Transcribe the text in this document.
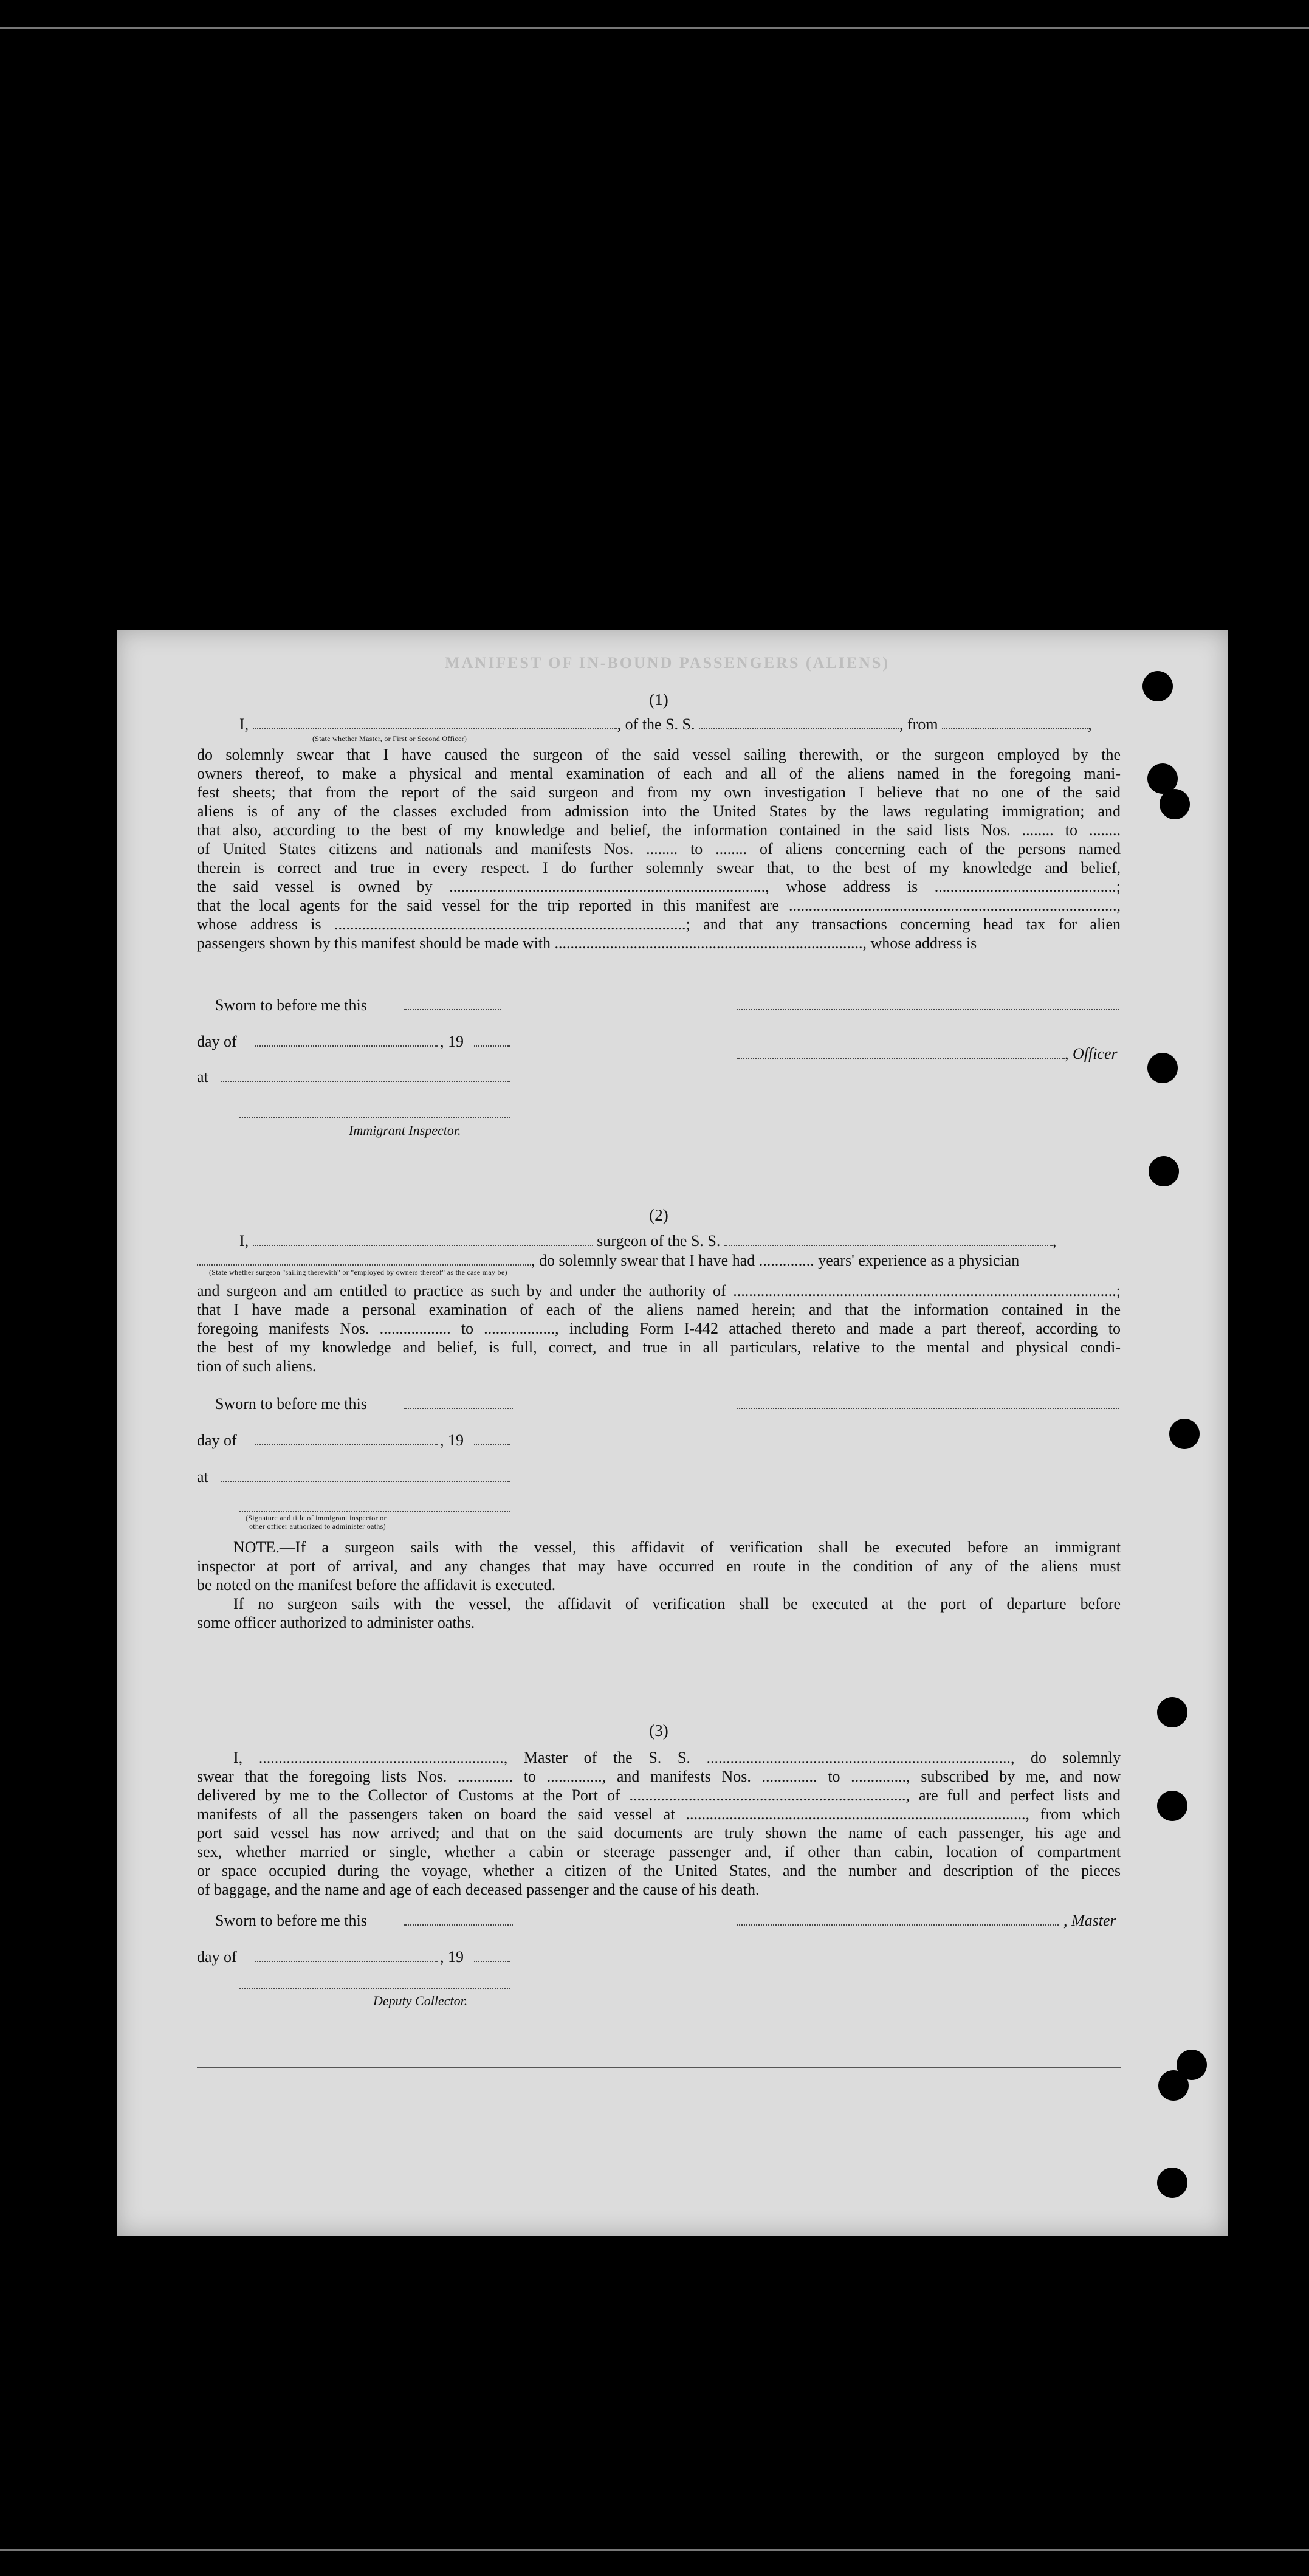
MANIFEST OF IN-BOUND PASSENGERS (ALIENS)
(1)
I,	, of the S. S.	, from	,
(State whether Master, or First or Second Officer)
do solemnly swear that I have caused the surgeon of the said vessel sailing therewith, or the surgeon employed by the
owners thereof, to make a physical and mental examination of each and all of the aliens named in the foregoing mani-
fest sheets; that from the report of the said surgeon and from my own investigation I believe that no one of the said
aliens is of any of the classes excluded from admission into the United States by the laws regulating immigration; and
that also, according to the best of my knowledge and belief, the information contained in the said lists Nos. ........ to ........
of United States citizens and nationals and manifests Nos. ........ to ........ of aliens concerning each of the persons named
therein is correct and true in every respect. I do further solemnly swear that, to the best of my knowledge and belief,
the said vessel is owned by ................................................................................, whose address is ..............................................;
that the local agents for the said vessel for the trip reported in this manifest are ...................................................................................,
whose address is .........................................................................................; and that any transactions concerning head tax for alien
passengers shown by this manifest should be made with .............................................................................., whose address is
Sworn to before me this
day of	, 19
, Officer
at
Immigrant Inspector.
(2)
I,	surgeon of the S. S.	,
, do solemnly swear that I have had .............. years' experience as a physician
(State whether surgeon "sailing therewith" or "employed by owners thereof" as the case may be)
and surgeon and am entitled to practice as such by and under the authority of .................................................................................................;
that I have made a personal examination of each of the aliens named herein; and that the information contained in the
foregoing manifests Nos. .................. to .................., including Form I-442 attached thereto and made a part thereof, according to
the best of my knowledge and belief, is full, correct, and true in all particulars, relative to the mental and physical condi-
tion of such aliens.
Sworn to before me this
day of	, 19
at
(Signature and title of immigrant inspector or
other officer authorized to administer oaths)
NOTE.—If a surgeon sails with the vessel, this affidavit of verification shall be executed before an immigrant
inspector at port of arrival, and any changes that may have occurred en route in the condition of any of the aliens must
be noted on the manifest before the affidavit is executed.
If no surgeon sails with the vessel, the affidavit of verification shall be executed at the port of departure before
some officer authorized to administer oaths.
(3)
I, .............................................................., Master of the S. S. ............................................................................., do solemnly
swear that the foregoing lists Nos. .............. to .............., and manifests Nos. .............. to .............., subscribed by me, and now
delivered by me to the Collector of Customs at the Port of ......................................................................, are full and perfect lists and
manifests of all the passengers taken on board the said vessel at ......................................................................................, from which
port said vessel has now arrived; and that on the said documents are truly shown the name of each passenger, his age and
sex, whether married or single, whether a cabin or steerage passenger and, if other than cabin, location of compartment
or space occupied during the voyage, whether a citizen of the United States, and the number and description of the pieces
of baggage, and the name and age of each deceased passenger and the cause of his death.
Sworn to before me this	, Master
day of	, 19
Deputy Collector.
